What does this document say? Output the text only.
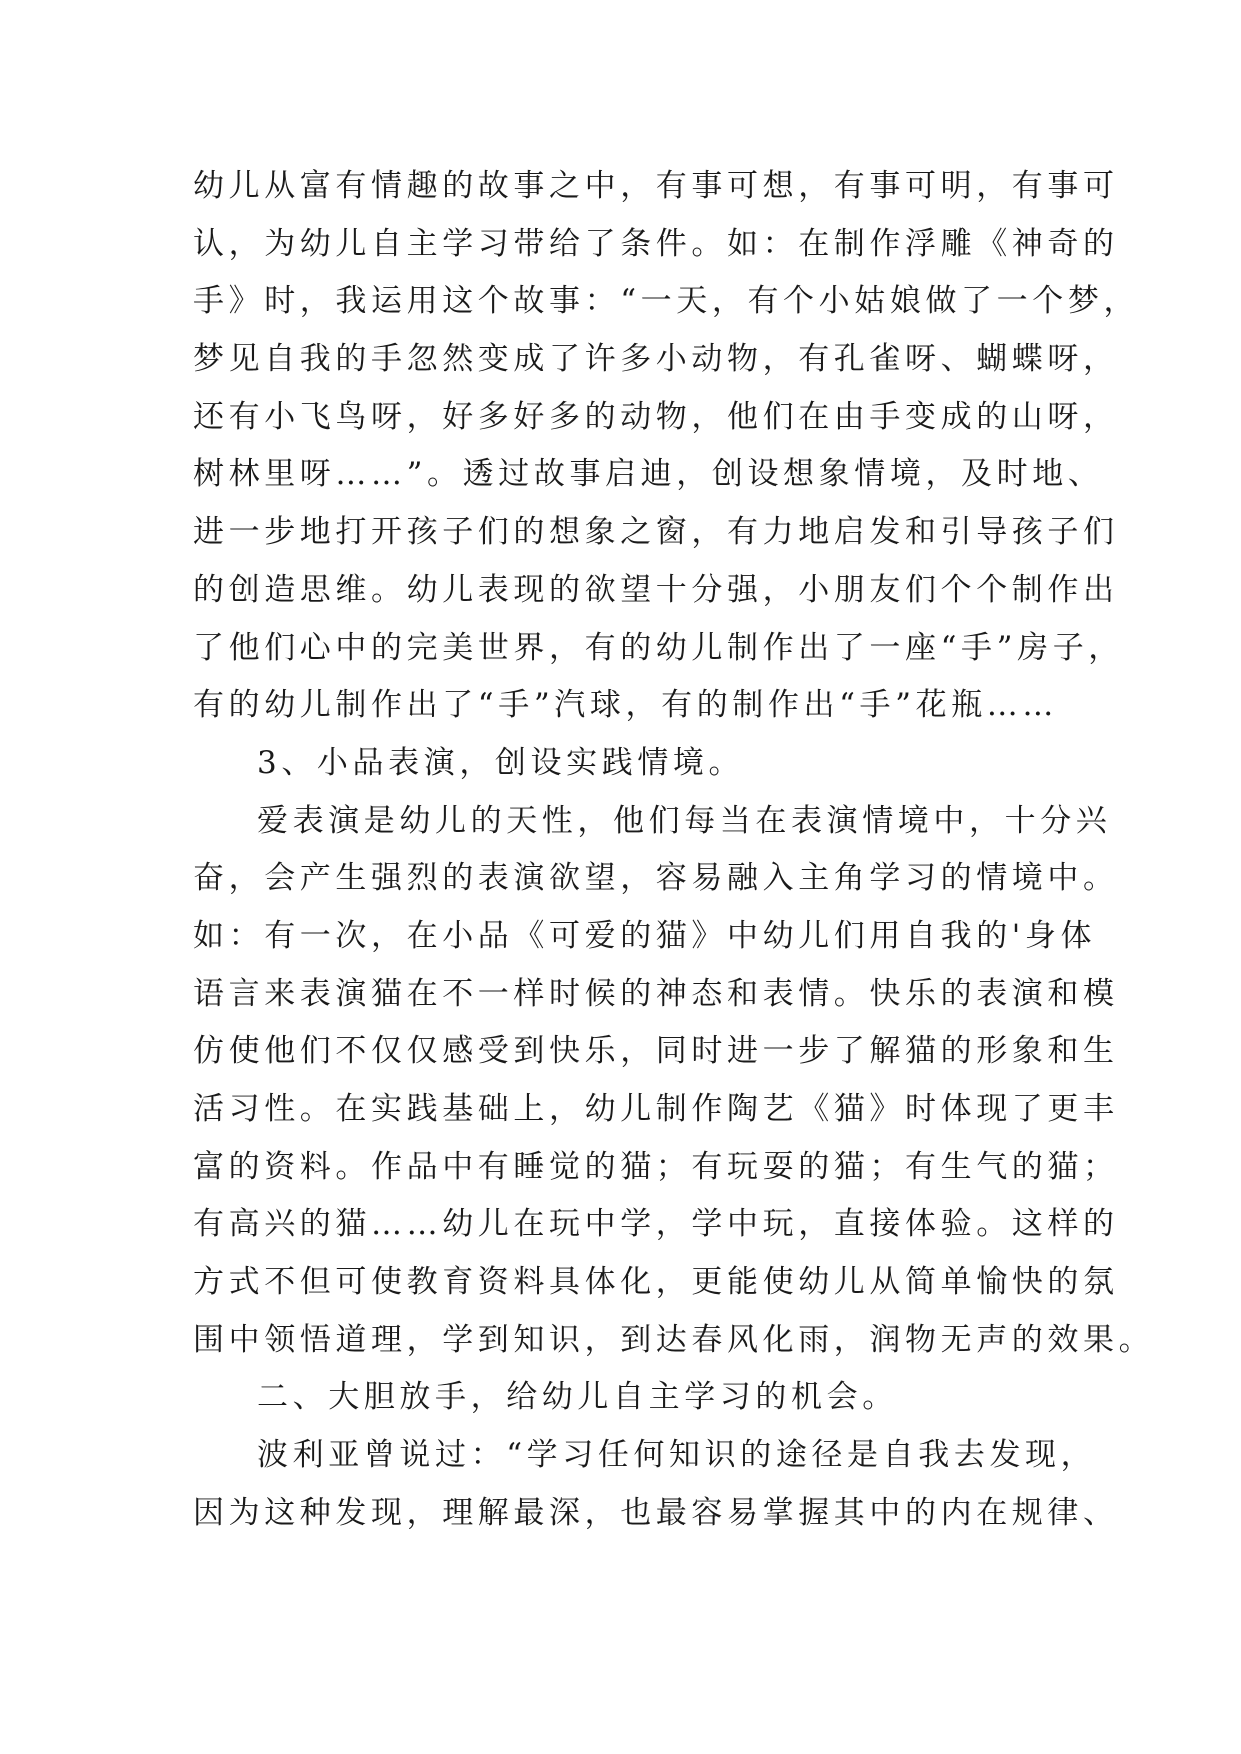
幼儿从富有情趣的故事之中，有事可想，有事可明，有事可
认，为幼儿自主学习带给了条件。如：在制作浮雕《神奇的
手》时，我运用这个故事：“一天，有个小姑娘做了一个梦，
梦见自我的手忽然变成了许多小动物，有孔雀呀、蝴蝶呀，
还有小飞鸟呀，好多好多的动物，他们在由手变成的山呀，
树林里呀……”。透过故事启迪，创设想象情境，及时地、
进一步地打开孩子们的想象之窗，有力地启发和引导孩子们
的创造思维。幼儿表现的欲望十分强，小朋友们个个制作出
了他们心中的完美世界，有的幼儿制作出了一座“手”房子，
有的幼儿制作出了“手”汽球，有的制作出“手”花瓶……
3、小品表演，创设实践情境。
爱表演是幼儿的天性，他们每当在表演情境中，十分兴
奋，会产生强烈的表演欲望，容易融入主角学习的情境中。
如：有一次，在小品《可爱的猫》中幼儿们用自我的'身体
语言来表演猫在不一样时候的神态和表情。快乐的表演和模
仿使他们不仅仅感受到快乐，同时进一步了解猫的形象和生
活习性。在实践基础上，幼儿制作陶艺《猫》时体现了更丰
富的资料。作品中有睡觉的猫；有玩耍的猫；有生气的猫；
有高兴的猫……幼儿在玩中学，学中玩，直接体验。这样的
方式不但可使教育资料具体化，更能使幼儿从简单愉快的氛
围中领悟道理，学到知识，到达春风化雨，润物无声的效果。
二、大胆放手，给幼儿自主学习的机会。
波利亚曾说过：“学习任何知识的途径是自我去发现，
因为这种发现，理解最深，也最容易掌握其中的内在规律、
